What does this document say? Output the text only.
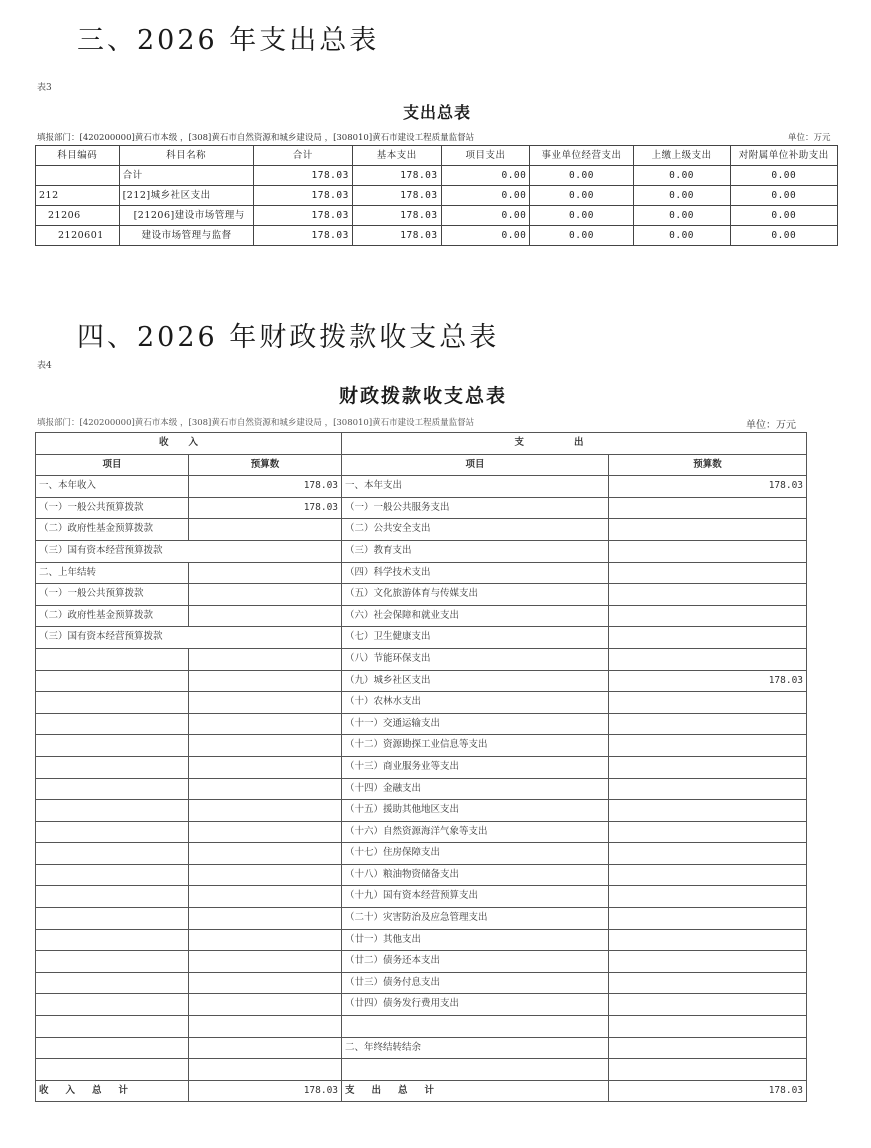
三、2026 年支出总表
表3
支出总表
填报部门：[420200000]黄石市本级 ，[308]黄石市自然资源和城乡建设局 ，[308010]黄石市建设工程质量监督站	单位：万元
科目编码	科目名称	合计	基本支出	项目支出	事业单位经营支出	上缴上级支出	对附属单位补助支出
	合计	178.03	178.03	0.00	0.00	0.00	0.00
212	[212]城乡社区支出	178.03	178.03	0.00	0.00	0.00	0.00
21206	[21206]建设市场管理与	178.03	178.03	0.00	0.00	0.00	0.00
2120601	建设市场管理与监督	178.03	178.03	0.00	0.00	0.00	0.00
四、2026 年财政拨款收支总表
表4
财政拨款收支总表
填报部门：[420200000]黄石市本级 ，[308]黄石市自然资源和城乡建设局 ，[308010]黄石市建设工程质量监督站	单位：万元
收入		支出	
项目	预算数	项目	预算数
一、本年收入	178.03	一、本年支出	178.03
（一）一般公共预算拨款	178.03	（一）一般公共服务支出	
（二）政府性基金预算拨款		（二）公共安全支出	
（三）国有资本经营预算拨款		（三）教育支出	
二、上年结转		（四）科学技术支出	
（一）一般公共预算拨款		（五）文化旅游体育与传媒支出	
（二）政府性基金预算拨款		（六）社会保障和就业支出	
（三）国有资本经营预算拨款		（七）卫生健康支出	
		（八）节能环保支出	
		（九）城乡社区支出	178.03
		（十）农林水支出	
		（十一）交通运输支出	
		（十二）资源勘探工业信息等支出	
		（十三）商业服务业等支出	
		（十四）金融支出	
		（十五）援助其他地区支出	
		（十六）自然资源海洋气象等支出	
		（十七）住房保障支出	
		（十八）粮油物资储备支出	
		（十九）国有资本经营预算支出	
		（二十）灾害防治及应急管理支出	
		（廿一）其他支出	
		（廿二）债务还本支出	
		（廿三）债务付息支出	
		（廿四）债务发行费用支出	

		二、年终结转结余	

收入总计	178.03	支出总计	178.03
